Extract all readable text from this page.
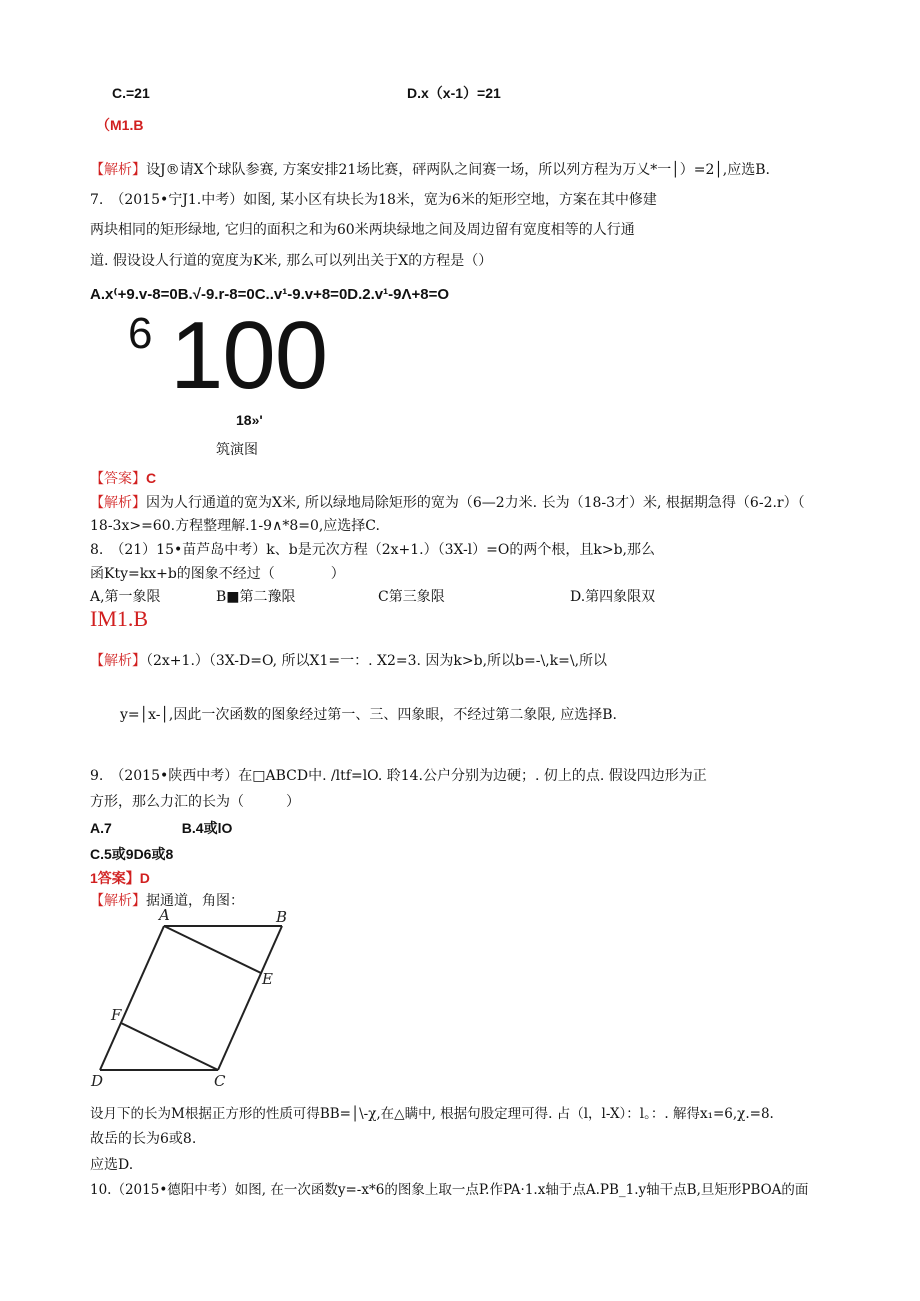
C.=21	D.x（x-1）=21
（M1.B
【解析】设J®请X个球队参赛, 方案安排21场比赛，砰两队之间赛一场，所以列方程为万乂*一│）=2│,应选B.
7.　（2015•宁J1.中考）如图, 某小区有块长为18米，宽为6米的矩形空地，方案在其中修建
两块相同的矩形绿地, 它归的面积之和为60米两块绿地之间及周边留有宽度相等的人行通
道. 假设设人行道的宽度为K米, 那么可以列出关于X的方程是（）
A.x⁽+9.v-8=0B.√-9.r-8=0C..v¹-9.v+8=0D.2.v¹-9Λ+8=O
6 100
18»'
筑演图
【答案】C
【解析】因为人行通道的宽为X米, 所以绿地局除矩形的宽为（6—2力米. 长为（18-3才）米, 根据期急得（6-2.r）（
18-3x>=60.方程整理解.1-9∧*8=0,应选择C.
8.　（21）15•苗芦岛中考）k、b是元次方程（2x+1.）（3X-l）=O的两个根，且k>b,那么
函Kty=kx+b的图象不经过（　　　　）
A,第一象限	B■第二豫限	C第三象限	D.第四象限双
IM1.B
【解析】（2x+1.）（3X-D=O, 所以X1=一：. X2=3. 因为k>b,所以b=-\,k=\,所以
y=│x-│,因此一次函数的图象经过第一、三、四象眼，不经过第二象限, 应选择B.
9.　（2015•陕西中考）在□ABCD中. /ltf=lO. 聆14.公户分别为边硬；. 仞上的点. 假设四边形为正
方形，那么力汇的长为（　　　）
A.7　　　　　B.4或lO
C.5或9D6或8
1答案】D
【解析】据通道，角图：
A	B
E
F
D	C
设月下的长为M根据正方形的性质可得BB=│\-χ,在△瞒中, 根据句股定理可得. 占（l，l-X）：l。：. 解得x₁=6,χ.=8.
故岳的长为6或8.
应选D.
10.（2015•德阳中考）如图, 在一次函数y=-x*6的图象上取一点P.作PA·1.x轴于点A.PB_1.y轴干点B,旦矩形PBOA的面
